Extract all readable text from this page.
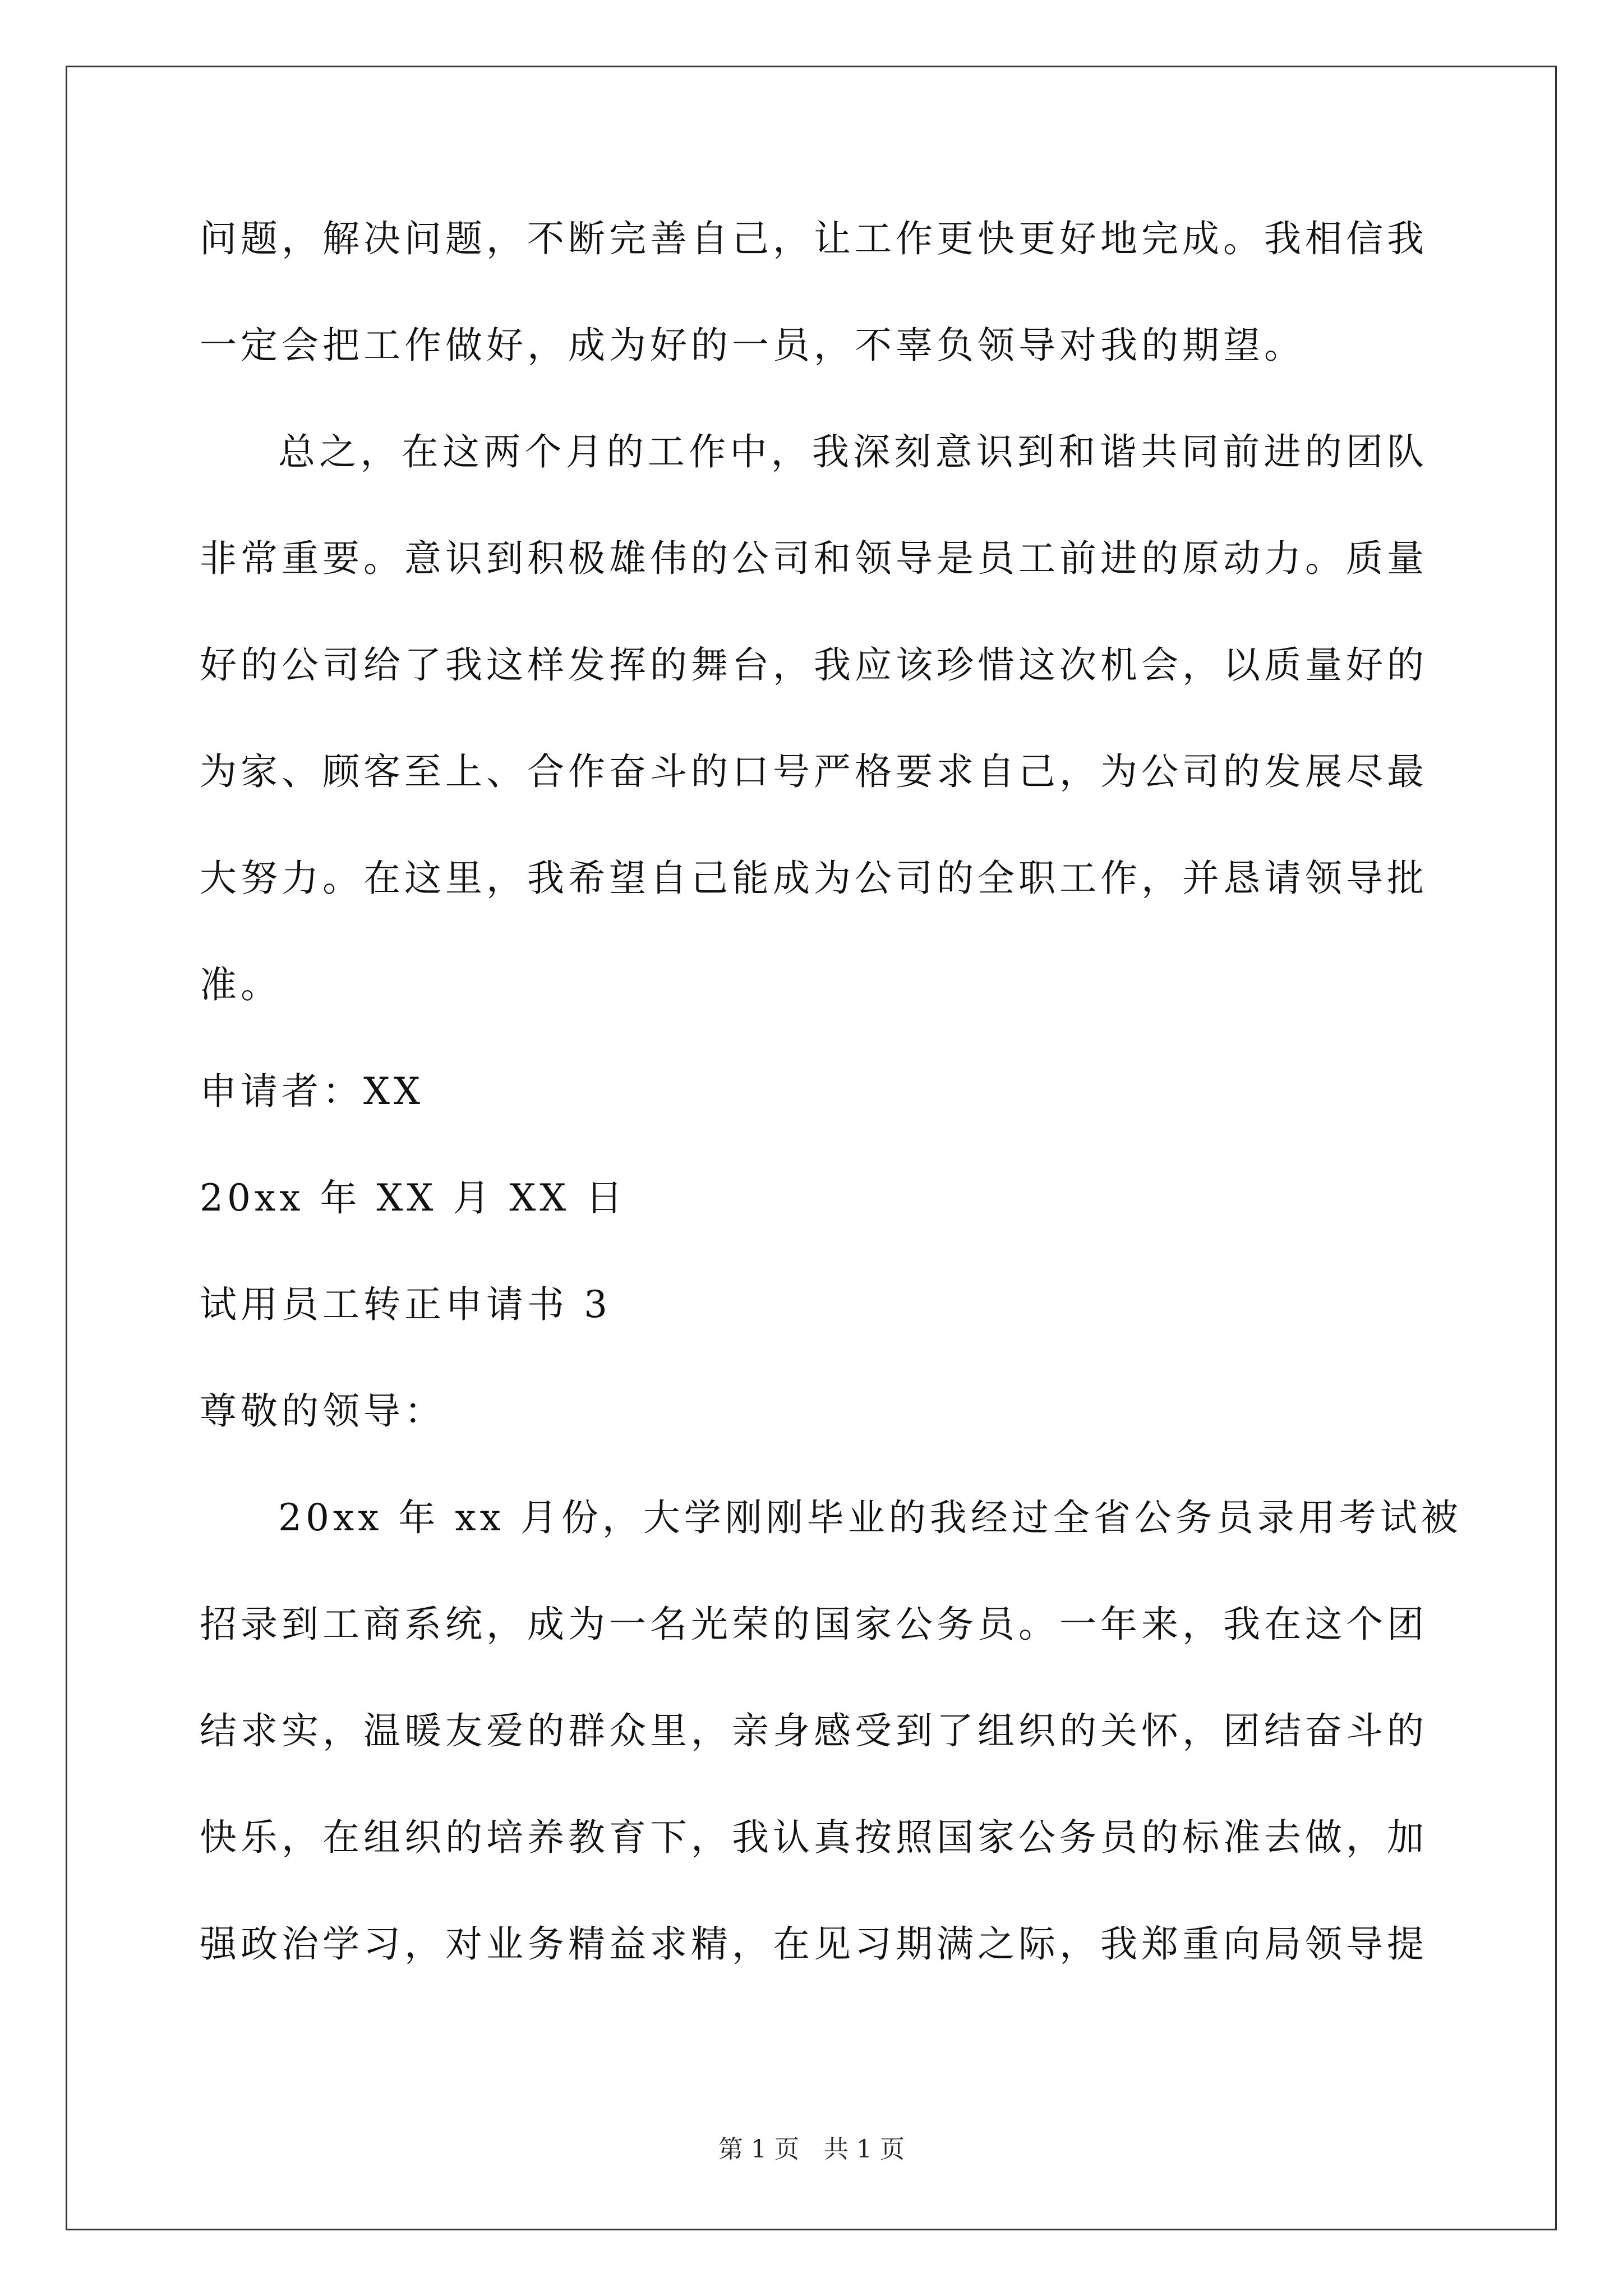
问题，解决问题，不断完善自己，让工作更快更好地完成。我相信我

一定会把工作做好，成为好的一员，不辜负领导对我的期望。

总之，在这两个月的工作中，我深刻意识到和谐共同前进的团队

非常重要。意识到积极雄伟的公司和领导是员工前进的原动力。质量

好的公司给了我这样发挥的舞台，我应该珍惜这次机会，以质量好的

为家、顾客至上、合作奋斗的口号严格要求自己，为公司的发展尽最

大努力。在这里，我希望自己能成为公司的全职工作，并恳请领导批

准。

申请者：XX

20xx 年 XX 月 XX 日

试用员工转正申请书 3

尊敬的领导：

20xx 年 xx 月份，大学刚刚毕业的我经过全省公务员录用考试被

招录到工商系统，成为一名光荣的国家公务员。一年来，我在这个团

结求实，温暖友爱的群众里，亲身感受到了组织的关怀，团结奋斗的

快乐，在组织的培养教育下，我认真按照国家公务员的标准去做，加

强政治学习，对业务精益求精，在见习期满之际，我郑重向局领导提

第 1 页　共 1 页
